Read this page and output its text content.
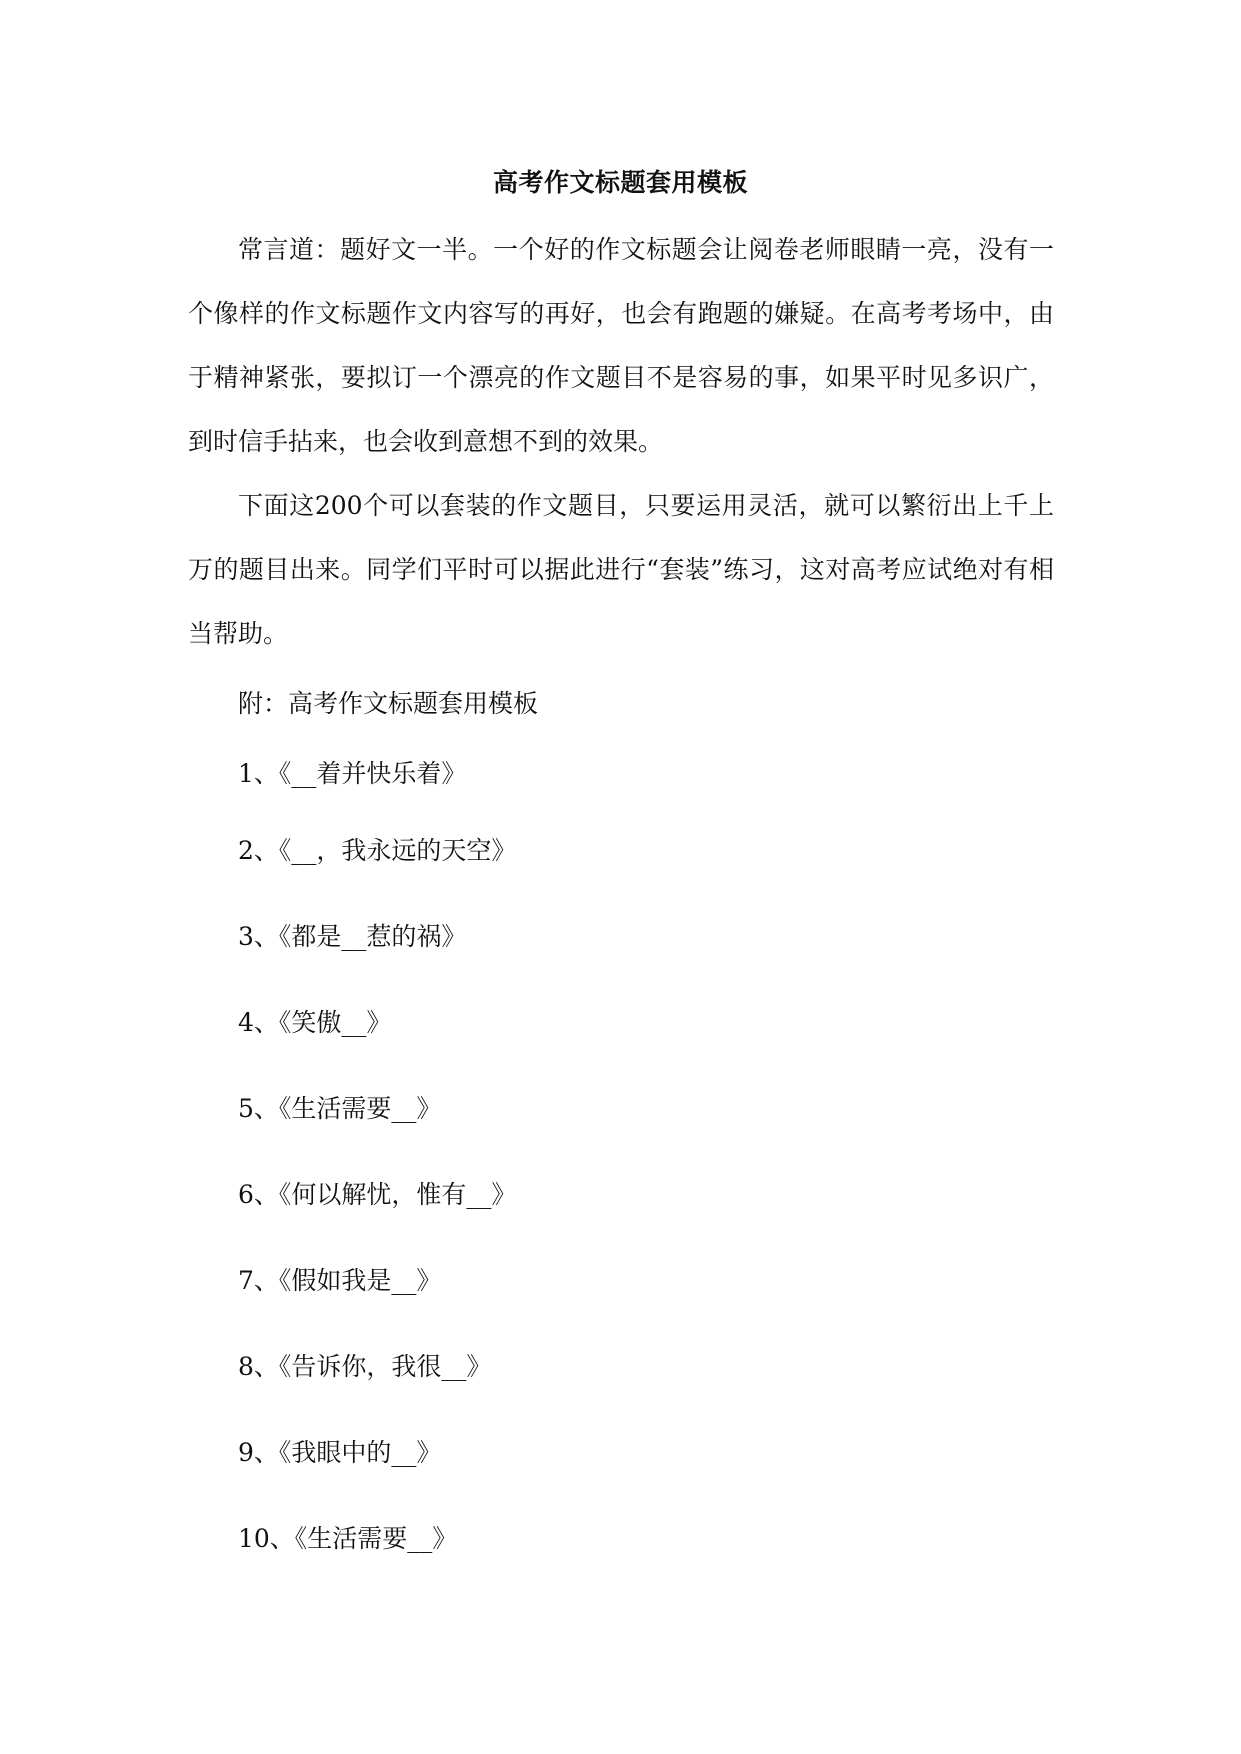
高考作文标题套用模板

常言道：题好文一半。一个好的作文标题会让阅卷老师眼睛一亮，没有一个像样的作文标题作文内容写的再好，也会有跑题的嫌疑。在高考考场中，由于精神紧张，要拟订一个漂亮的作文题目不是容易的事，如果平时见多识广，到时信手拈来，也会收到意想不到的效果。

下面这200个可以套装的作文题目，只要运用灵活，就可以繁衍出上千上万的题目出来。同学们平时可以据此进行“套装”练习，这对高考应试绝对有相当帮助。

附：高考作文标题套用模板

1、《__着并快乐着》
2、《__，我永远的天空》
3、《都是__惹的祸》
4、《笑傲__》
5、《生活需要__》
6、《何以解忧，惟有__》
7、《假如我是__》
8、《告诉你，我很__》
9、《我眼中的__》
10、《生活需要__》
